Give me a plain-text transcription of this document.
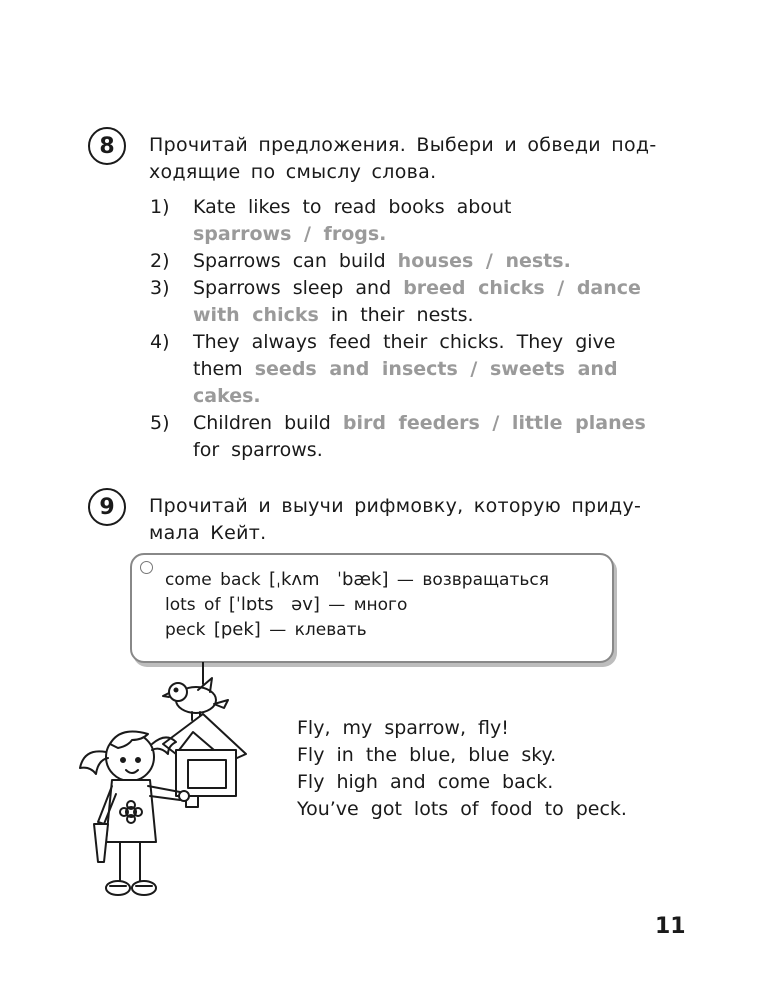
8	Прочитай предложения. Выбери и обведи под-
ходящие по смыслу слова.
1) Kate likes to read books about
sparrows / frogs.
2) Sparrows can build houses / nests.
3) Sparrows sleep and breed chicks / dance
with chicks in their nests.
4) They always feed their chicks. They give
them seeds and insects / sweets and
cakes.
5) Children build bird feeders / little planes
for sparrows.
9	Прочитай и выучи рифмовку, которую приду-
мала Кейт.
come back [ˌkʌm  ˈbæk] — возвращаться
lots of [ˈlɒts  əv] — много
peck [pek] — клевать
Fly, my sparrow, fly!
Fly in the blue, blue sky.
Fly high and come back.
You’ve got lots of food to peck.
11
